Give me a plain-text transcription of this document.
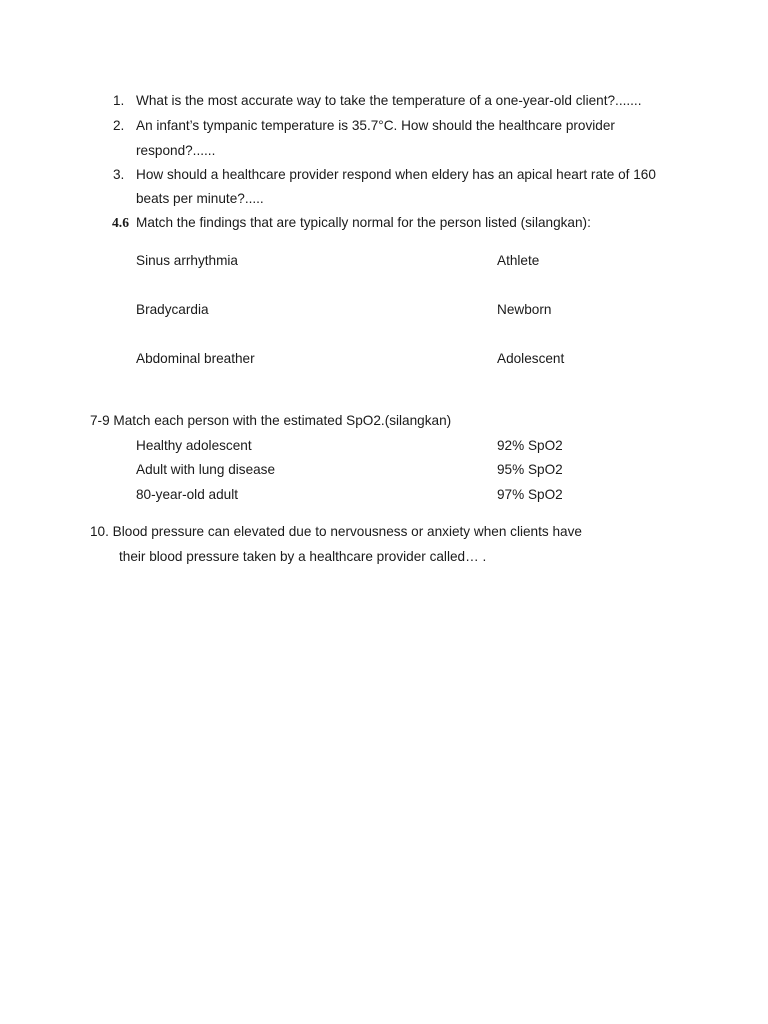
1. What is the most accurate way to take the temperature of a one-year-old client?.......
2. An infant’s tympanic temperature is 35.7°C. How should the healthcare provider
respond?......
3. How should a healthcare provider respond when eldery has an apical heart rate of 160
beats per minute?.....
4.6 Match the findings that are typically normal for the person listed (silangkan):
Sinus arrhythmia	Athlete
Bradycardia	Newborn
Abdominal breather	Adolescent
7-9 Match each person with the estimated SpO2.(silangkan)
Healthy adolescent	92% SpO2
Adult with lung disease	95% SpO2
80-year-old adult	97% SpO2
10. Blood pressure can elevated due to nervousness or anxiety when clients have
their blood pressure taken by a healthcare provider called… .
